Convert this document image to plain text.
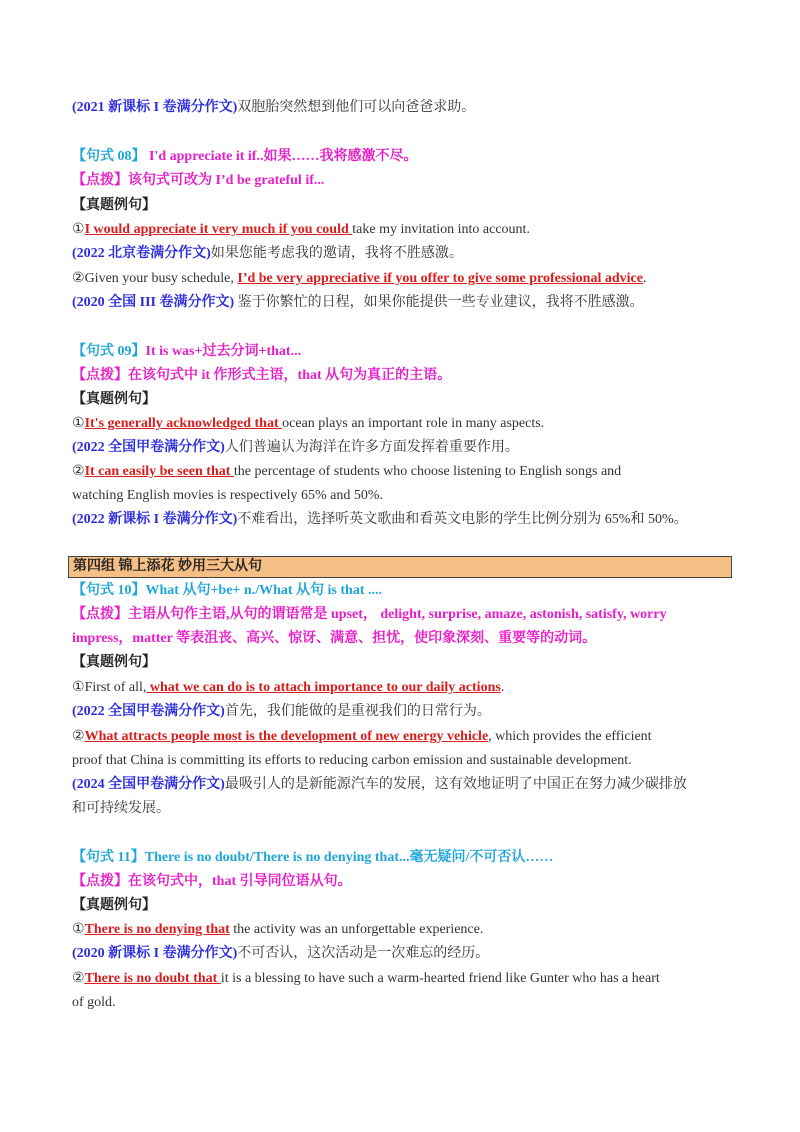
(2021 新课标 I 卷满分作文)双胞胎突然想到他们可以向爸爸求助。
【句式 08】 I'd appreciate it if..如果……我将感激不尽。
【点拨】该句式可改为 I’d be grateful if...
【真题例句】
①I would appreciate it very much if you could take my invitation into account.
(2022 北京卷满分作文)如果您能考虑我的邀请，我将不胜感激。
②Given your busy schedule, I’d be very appreciative if you offer to give some professional advice.
(2020 全国 III 卷满分作文) 鉴于你繁忙的日程，如果你能提供一些专业建议，我将不胜感激。
【句式 09】It is was+过去分词+that...
【点拨】在该句式中 it 作形式主语，that 从句为真正的主语。
【真题例句】
①It's generally acknowledged that ocean plays an important role in many aspects.
(2022 全国甲卷满分作文)人们普遍认为海洋在许多方面发挥着重要作用。
②It can easily be seen that the percentage of students who choose listening to English songs and
watching English movies is respectively 65% and 50%.
(2022 新课标 I 卷满分作文)不难看出，选择听英文歌曲和看英文电影的学生比例分别为 65%和 50%。
第四组 锦上添花 妙用三大从句
【句式 10】What 从句+be+ n./What 从句 is that ....
【点拨】主语从句作主语,从句的谓语常是 upset， delight, surprise, amaze, astonish, satisfy, worry
impress，matter 等表沮丧、高兴、惊讶、满意、担忧，使印象深刻、重要等的动词。
【真题例句】
①First of all, what we can do is to attach importance to our daily actions.
(2022 全国甲卷满分作文)首先，我们能做的是重视我们的日常行为。
②What attracts people most is the development of new energy vehicle, which provides the efficient
proof that China is committing its efforts to reducing carbon emission and sustainable development.
(2024 全国甲卷满分作文)最吸引人的是新能源汽车的发展，这有效地证明了中国正在努力减少碳排放
和可持续发展。
【句式 11】There is no doubt/There is no denying that...毫无疑问/不可否认……
【点拨】在该句式中，that 引导同位语从句。
【真题例句】
①There is no denying that the activity was an unforgettable experience.
(2020 新课标 I 卷满分作文)不可否认，这次活动是一次难忘的经历。
②There is no doubt that it is a blessing to have such a warm-hearted friend like Gunter who has a heart
of gold.
